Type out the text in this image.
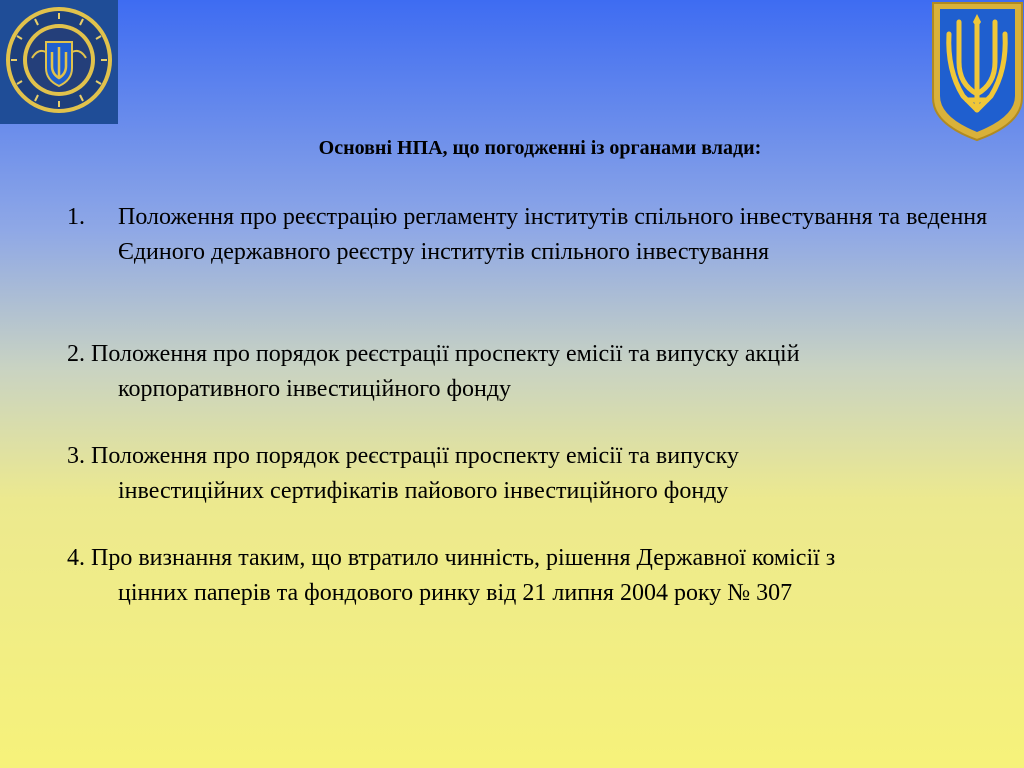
Основні НПА, що погодженні із органами влади:
1.	Положення про реєстрацію регламенту інститутів спільного інвестування та ведення Єдиного державного реєстру інститутів спільного інвестування
2. Положення про порядок реєстрації проспекту емісії та випуску акцій
корпоративного інвестиційного фонду
3. Положення про порядок реєстрації проспекту емісії та випуску
інвестиційних сертифікатів пайового інвестиційного фонду
4. Про визнання таким, що втратило чинність, рішення Державної комісії з
цінних паперів та фондового ринку від 21 липня 2004 року № 307
